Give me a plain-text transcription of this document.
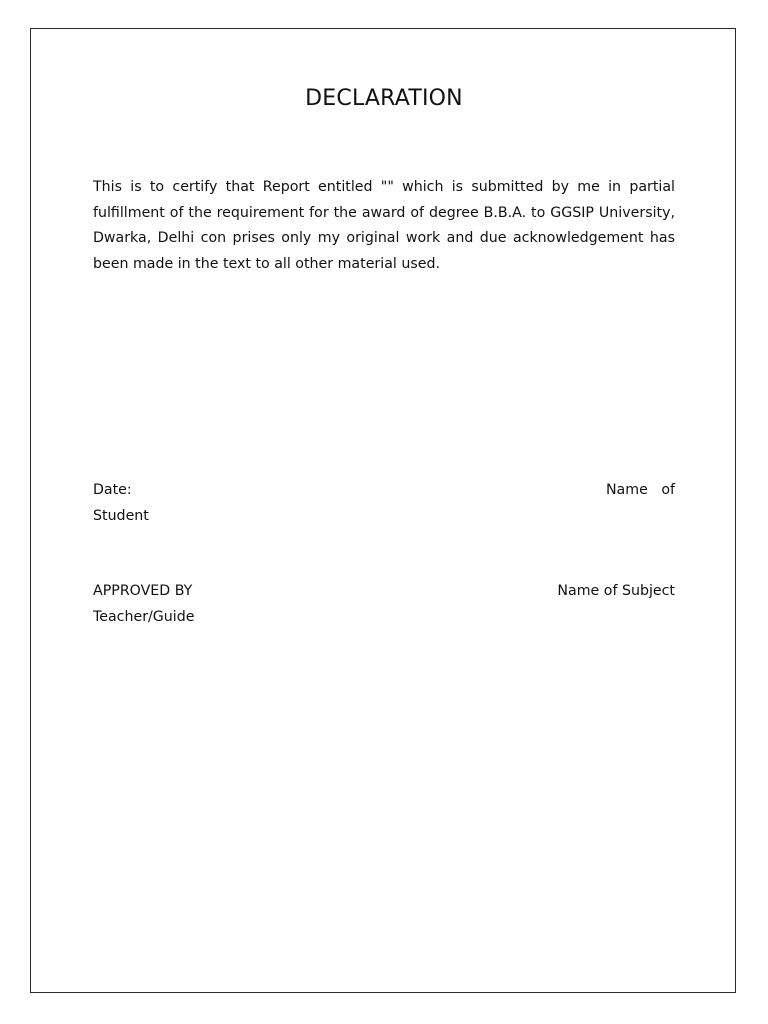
DECLARATION

This is to certify that Report entitled "" which is submitted by me in partial fulfillment of the requirement for the award of degree B.B.A. to GGSIP University, Dwarka, Delhi con prises only my original work and due acknowledgement has been made in the text to all other material used.

Date:	Name   of
Student
APPROVED BY	Name of Subject
Teacher/Guide
